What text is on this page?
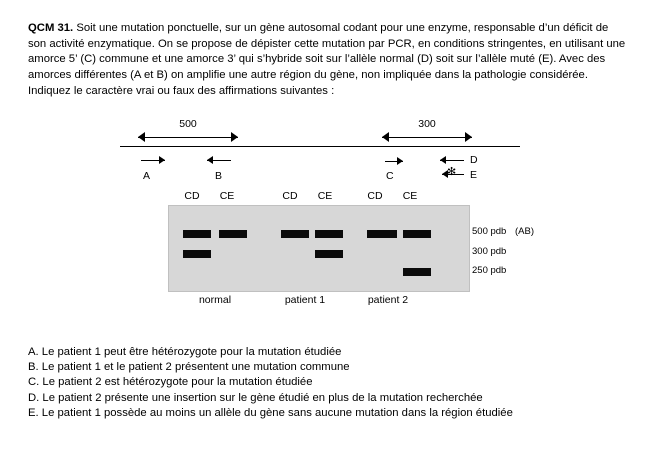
QCM 31. Soit une mutation ponctuelle, sur un gène autosomal codant pour une enzyme, responsable d’un déficit de son activité enzymatique. On se propose de dépister cette mutation par PCR, en conditions stringentes, en utilisant une amorce 5’ (C) commune et une amorce 3’ qui s’hybride soit sur l’allèle normal (D) soit sur l’allèle muté (E). Avec des amorces différentes (A et B) on amplifie une autre région du gène, non impliquée dans la pathologie considérée. Indiquez le caractère vrai ou faux des affirmations suivantes :

500	300
A	B	C
D
✻ E
CD	CE	CD	CE	CD	CE
500 pdb (AB)
300 pdb
250 pdb
normal	patient 1	patient 2
A. Le patient 1 peut être hétérozygote pour la mutation étudiée
B. Le patient 1 et le patient 2 présentent une mutation commune
C. Le patient 2 est hétérozygote pour la mutation étudiée
D. Le patient 2 présente une insertion sur le gène étudié en plus de la mutation recherchée
E. Le patient 1 possède au moins un allèle du gène sans aucune mutation dans la région étudiée
